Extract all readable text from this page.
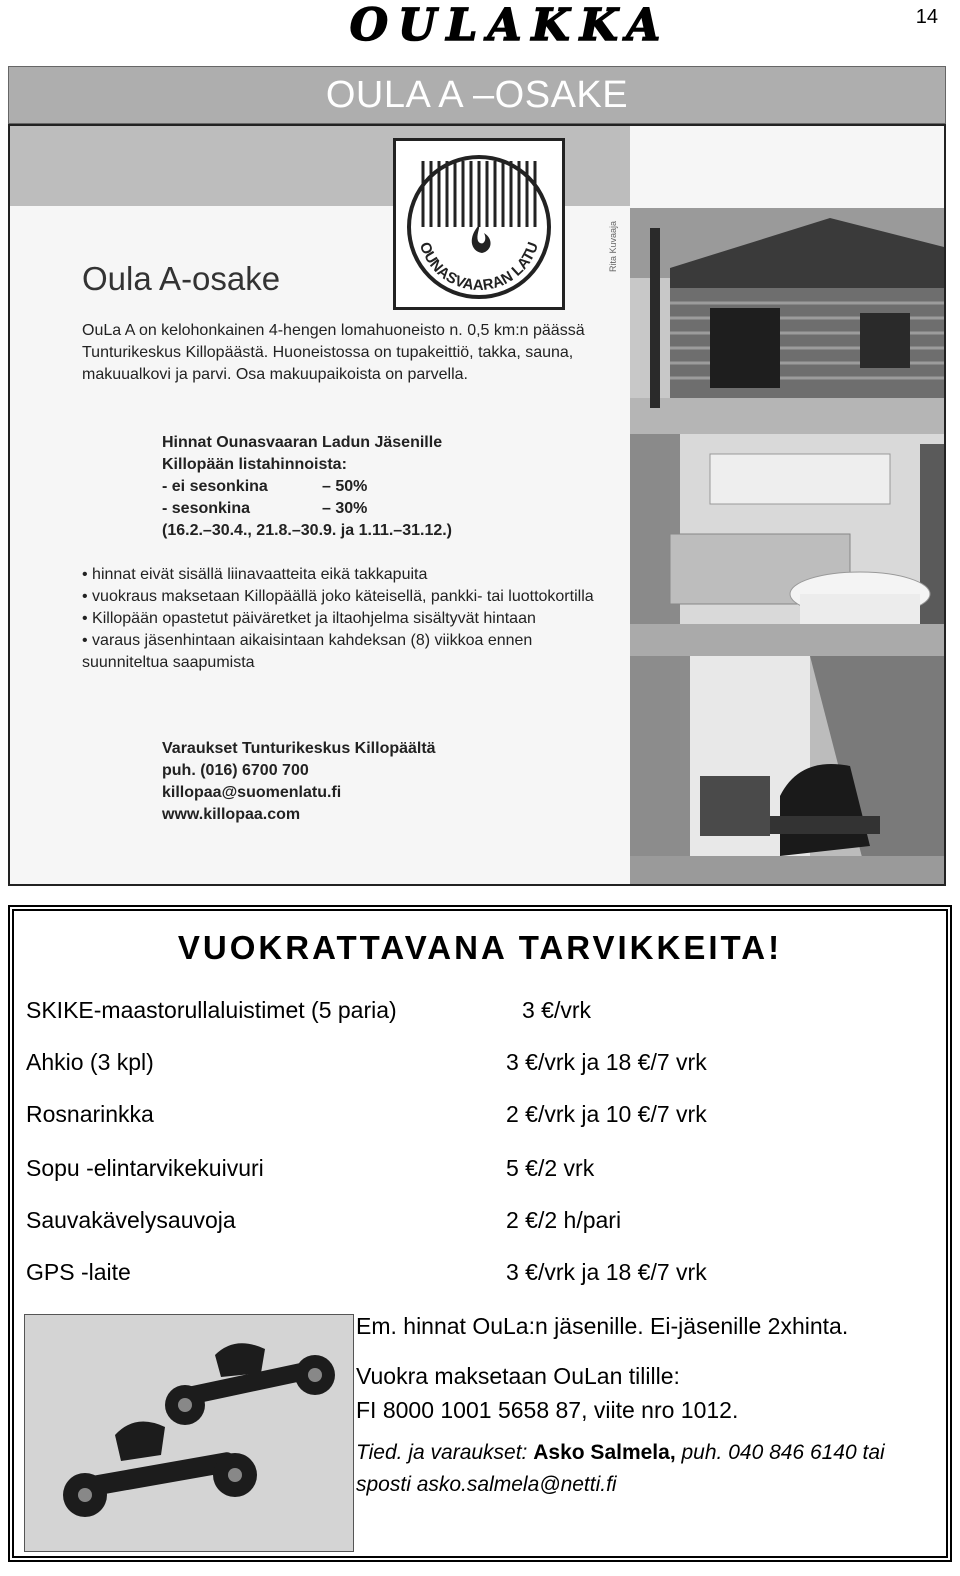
14
OULAKKA
OULA A –OSAKE
OUNASVAARAN LATU	Rita Kuvaaja
Oula A-osake

OuLa A on kelohonkainen 4-hengen lomahuoneisto n. 0,5 km:n päässä Tunturikeskus Killopäästä. Huoneistossa on tupakeittiö, takka, sauna, makuualkovi ja parvi. Osa makuupaikoista on parvella.

Hinnat Ounasvaaran Ladun Jäsenille
Killopään listahinnoista:
- ei sesonkina	– 50%
- sesonkina	– 30%
(16.2.–30.4., 21.8.–30.9. ja 1.11.–31.12.)
• hinnat eivät sisällä liinavaatteita eikä takkapuita
• vuokraus maksetaan Killopäällä joko käteisellä, pankki- tai luottokortilla
• Killopään opastetut päiväretket ja iltaohjelma sisältyvät hintaan
• varaus jäsenhintaan aikaisintaan kahdeksan (8) viikkoa ennen suunniteltua saapumista
Varaukset Tunturikeskus Killopäältä
puh. (016) 6700 700
killopaa@suomenlatu.fi
www.killopaa.com
VUOKRATTAVANA TARVIKKEITA!
SKIKE-maastorullaluistimet (5 paria)	3 €/vrk
Ahkio (3 kpl)	3 €/vrk ja 18 €/7 vrk
Rosnarinkka	2 €/vrk ja 10 €/7 vrk
Sopu -elintarvikekuivuri	5 €/2 vrk
Sauvakävelysauvoja	2 €/2 h/pari
GPS -laite	3 €/vrk ja 18 €/7 vrk
Em. hinnat OuLa:n jäsenille. Ei-jäsenille 2xhinta.
Vuokra maksetaan OuLan tilille:
FI 8000 1001 5658 87, viite nro 1012.
Tied. ja varaukset: Asko Salmela, puh. 040 846 6140 tai
sposti asko.salmela@netti.fi
